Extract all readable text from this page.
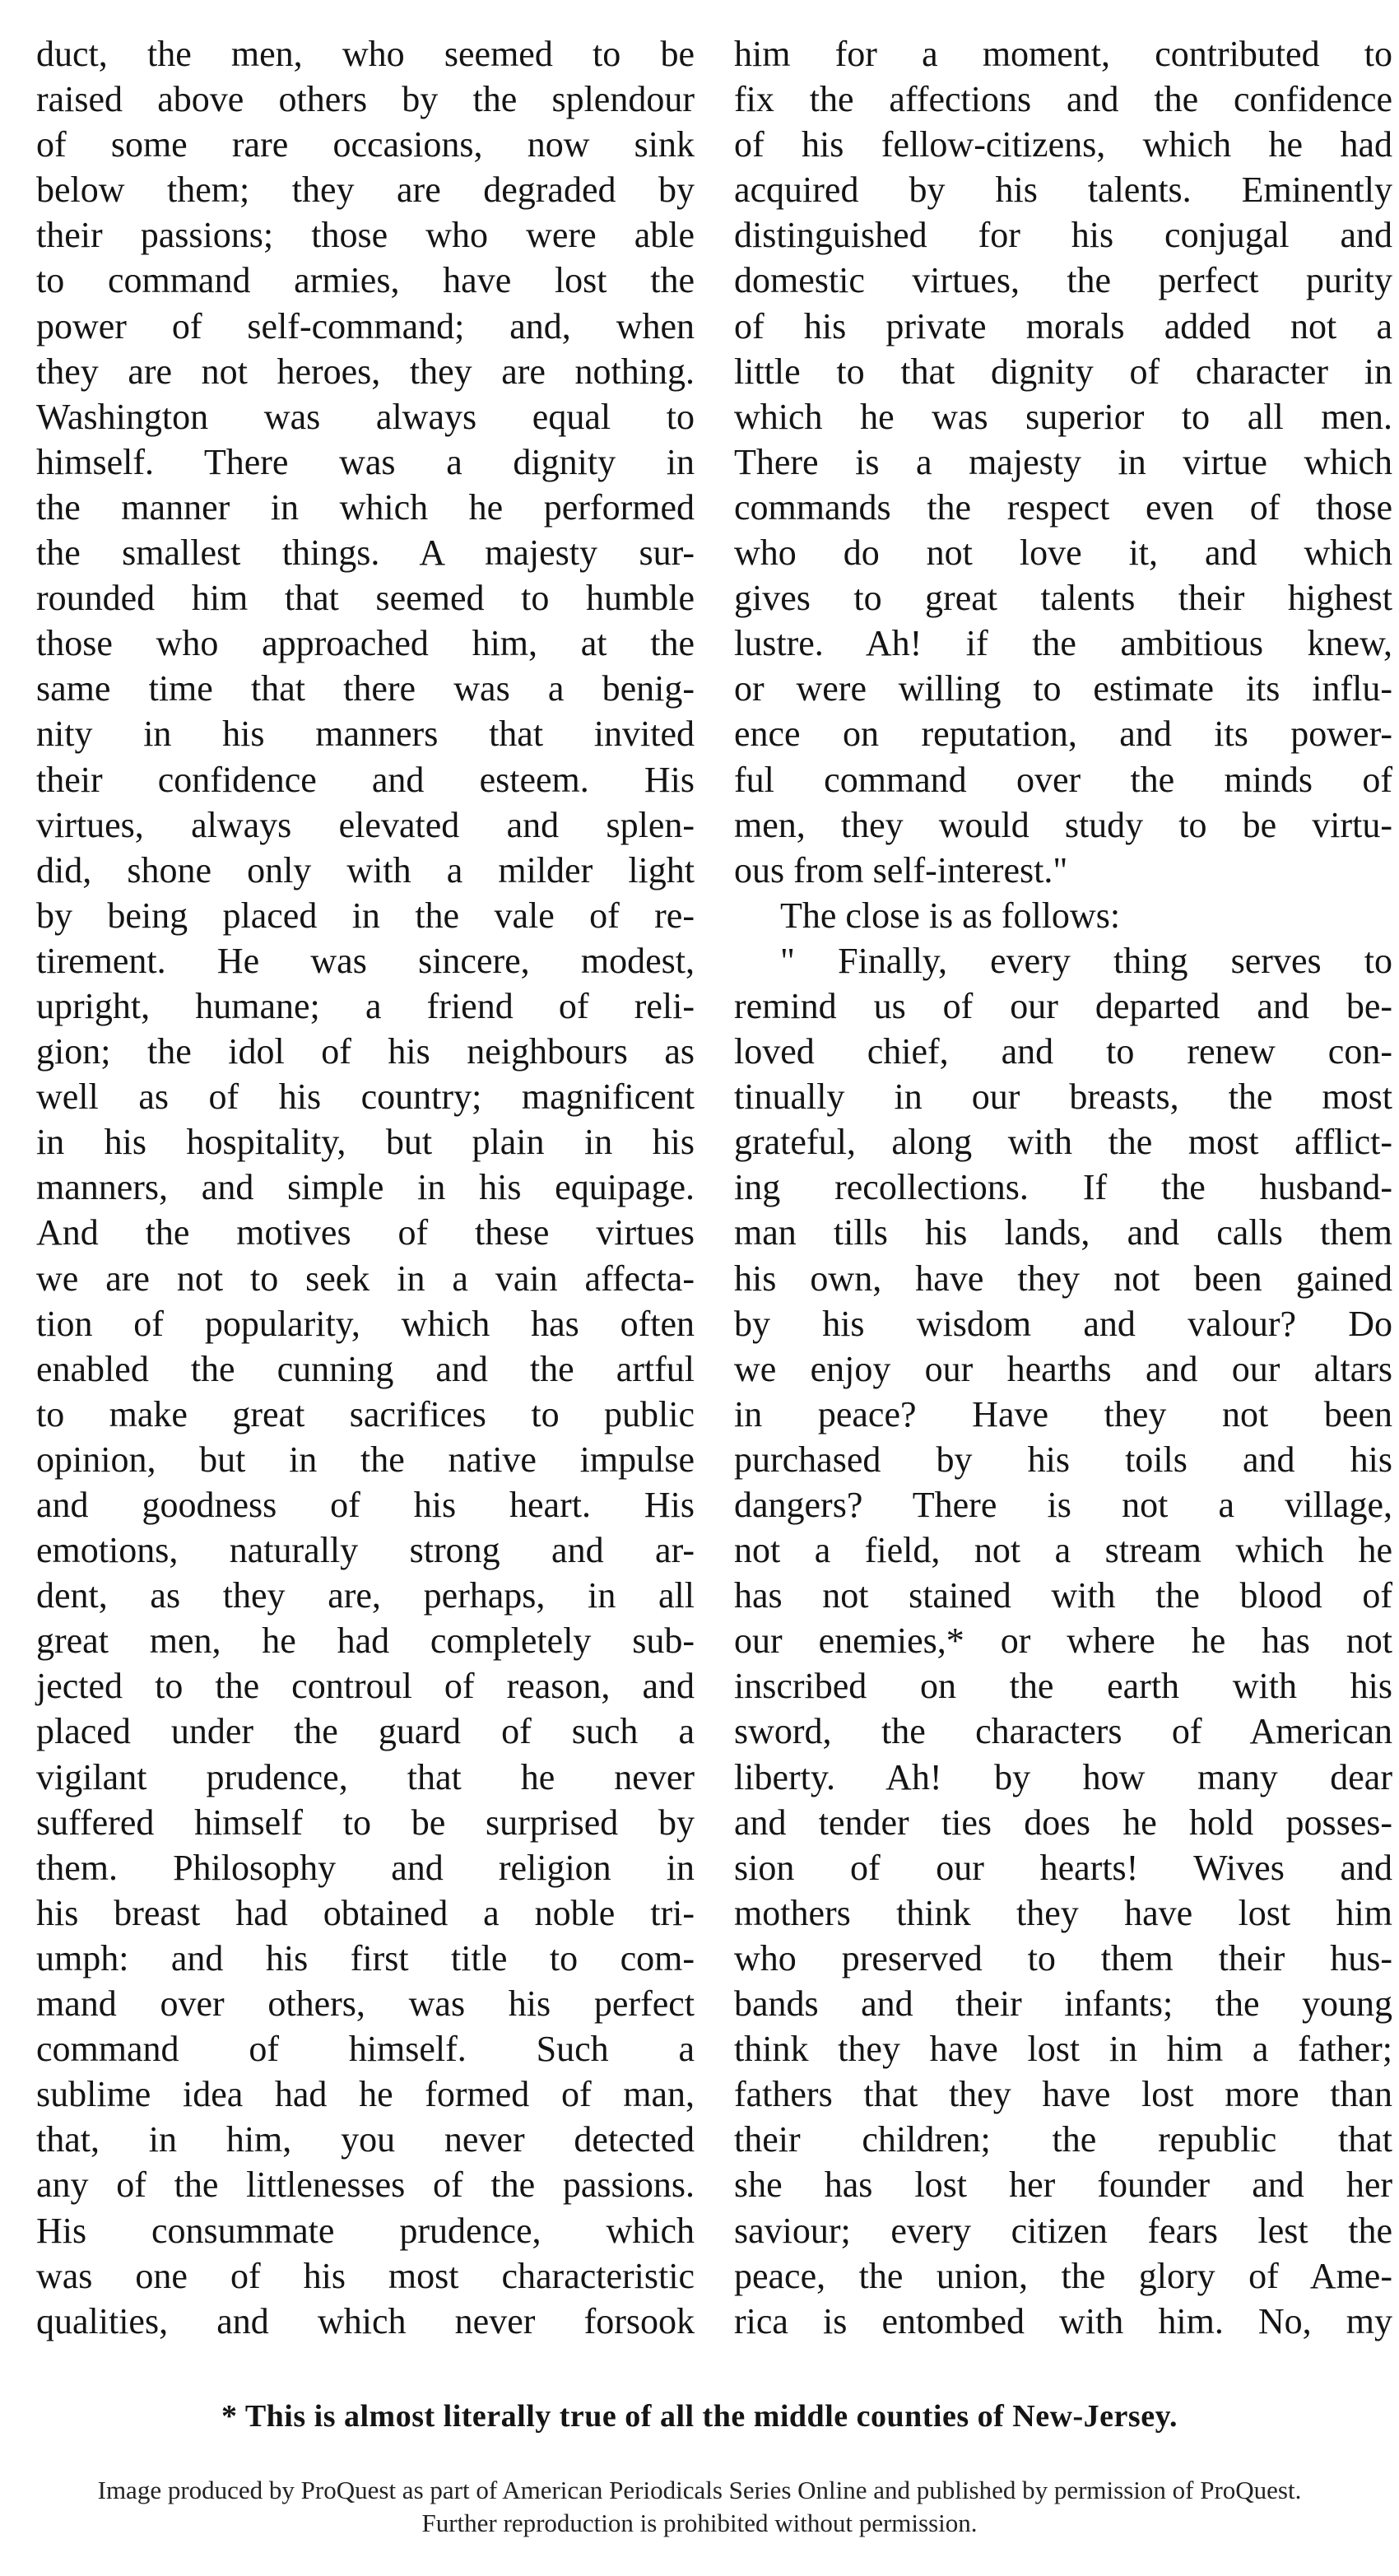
duct, the men, who seemed to be
raised above others by the splendour
of some rare occasions, now sink
below them; they are degraded by
their passions; those who were able
to command armies, have lost the
power of self-command; and, when
they are not heroes, they are nothing.
Washington was always equal to
himself. There was a dignity in
the manner in which he performed
the smallest things. A majesty sur-
rounded him that seemed to humble
those who approached him, at the
same time that there was a benig-
nity in his manners that invited
their confidence and esteem. His
virtues, always elevated and splen-
did, shone only with a milder light
by being placed in the vale of re-
tirement. He was sincere, modest,
upright, humane; a friend of reli-
gion; the idol of his neighbours as
well as of his country; magnificent
in his hospitality, but plain in his
manners, and simple in his equipage.
And the motives of these virtues
we are not to seek in a vain affecta-
tion of popularity, which has often
enabled the cunning and the artful
to make great sacrifices to public
opinion, but in the native impulse
and goodness of his heart. His
emotions, naturally strong and ar-
dent, as they are, perhaps, in all
great men, he had completely sub-
jected to the controul of reason, and
placed under the guard of such a
vigilant prudence, that he never
suffered himself to be surprised by
them. Philosophy and religion in
his breast had obtained a noble tri-
umph: and his first title to com-
mand over others, was his perfect
command of himself. Such a
sublime idea had he formed of man,
that, in him, you never detected
any of the littlenesses of the passions.
His consummate prudence, which
was one of his most characteristic
qualities, and which never forsook
him for a moment, contributed to
fix the affections and the confidence
of his fellow-citizens, which he had
acquired by his talents. Eminently
distinguished for his conjugal and
domestic virtues, the perfect purity
of his private morals added not a
little to that dignity of character in
which he was superior to all men.
There is a majesty in virtue which
commands the respect even of those
who do not love it, and which
gives to great talents their highest
lustre. Ah! if the ambitious knew,
or were willing to estimate its influ-
ence on reputation, and its power-
ful command over the minds of
men, they would study to be virtu-
ous from self-interest."
The close is as follows:
" Finally, every thing serves to
remind us of our departed and be-
loved chief, and to renew con-
tinually in our breasts, the most
grateful, along with the most afflict-
ing recollections. If the husband-
man tills his lands, and calls them
his own, have they not been gained
by his wisdom and valour? Do
we enjoy our hearths and our altars
in peace? Have they not been
purchased by his toils and his
dangers? There is not a village,
not a field, not a stream which he
has not stained with the blood of
our enemies,* or where he has not
inscribed on the earth with his
sword, the characters of American
liberty. Ah! by how many dear
and tender ties does he hold posses-
sion of our hearts! Wives and
mothers think they have lost him
who preserved to them their hus-
bands and their infants; the young
think they have lost in him a father;
fathers that they have lost more than
their children; the republic that
she has lost her founder and her
saviour; every citizen fears lest the
peace, the union, the glory of Ame-
rica is entombed with him. No, my
* This is almost literally true of all the middle counties of New-Jersey.
Image produced by ProQuest as part of American Periodicals Series Online and published by permission of ProQuest.
Further reproduction is prohibited without permission.
